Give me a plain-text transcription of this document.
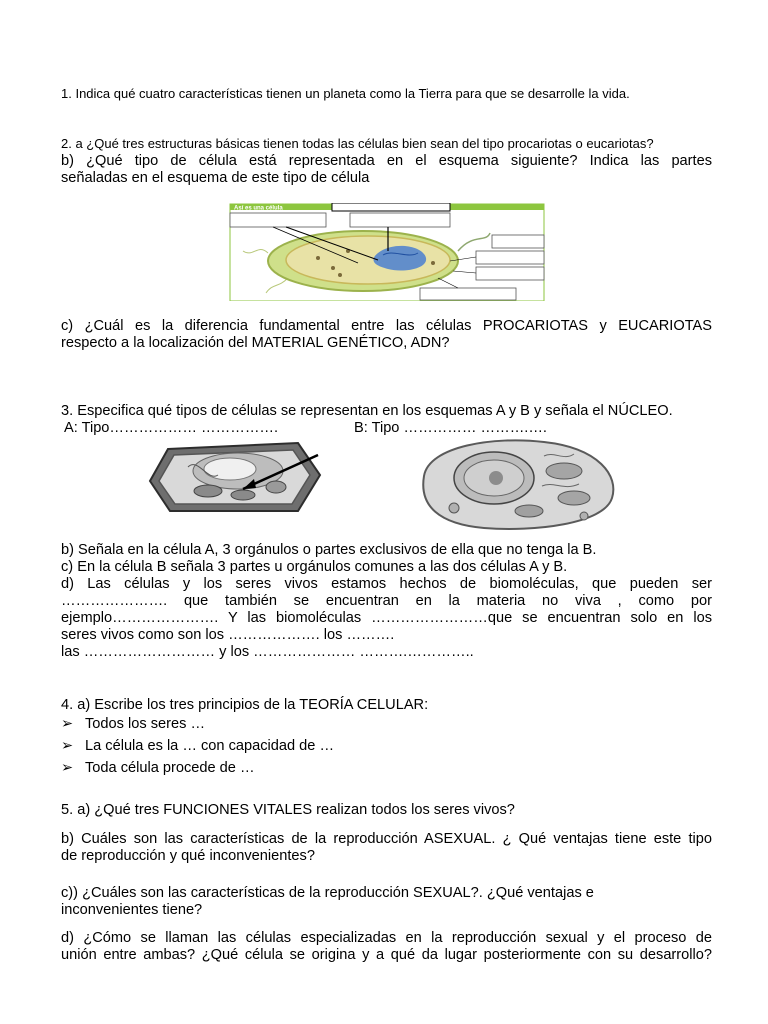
1. Indica qué cuatro características tienen un planeta como la Tierra para que se desarrolle la vida.
2. a ¿Qué tres estructuras básicas tienen todas las células bien sean del tipo procariotas o eucariotas?
b) ¿Qué tipo de célula está representada en el esquema siguiente? Indica las partes
señaladas en el esquema de este tipo de célula
Así es una célula
c) ¿Cuál es la diferencia fundamental entre las células PROCARIOTAS y EUCARIOTAS
respecto a la localización del MATERIAL GENÉTICO, ADN?
3. Especifica qué tipos de células se representan en los esquemas A y B y señala el NÚCLEO.
A: Tipo……………… …………….	B: Tipo …………… ……….….
b) Señala en la célula A, 3 orgánulos o partes exclusivos de ella que no tenga la B.
c) En la célula B señala 3 partes u orgánulos comunes a las dos células A y B.
d) Las células y los seres vivos estamos hechos de biomoléculas, que pueden ser
…………………. que también se encuentran en la materia no viva , como por
ejemplo…………………. Y las biomoléculas ……………………que se encuentran solo en los
seres vivos como son los ………………. los ……….
las ……………………… y los ………………… ……….…………..
4. a) Escribe los tres principios de la TEORÍA CELULAR:
➢ Todos los seres …
➢ La célula es la … con capacidad de …
➢ Toda célula procede de …
5. a) ¿Qué tres FUNCIONES VITALES realizan todos los seres vivos?
b) Cuáles son las características de la reproducción ASEXUAL. ¿ Qué ventajas tiene este tipo
de reproducción y qué inconvenientes?
c)) ¿Cuáles son las características de la reproducción SEXUAL?. ¿Qué ventajas e
inconvenientes tiene?
d) ¿Cómo se llaman las células especializadas en la reproducción sexual y el proceso de
unión entre ambas? ¿Qué célula se origina y a qué da lugar posteriormente con su desarrollo?
